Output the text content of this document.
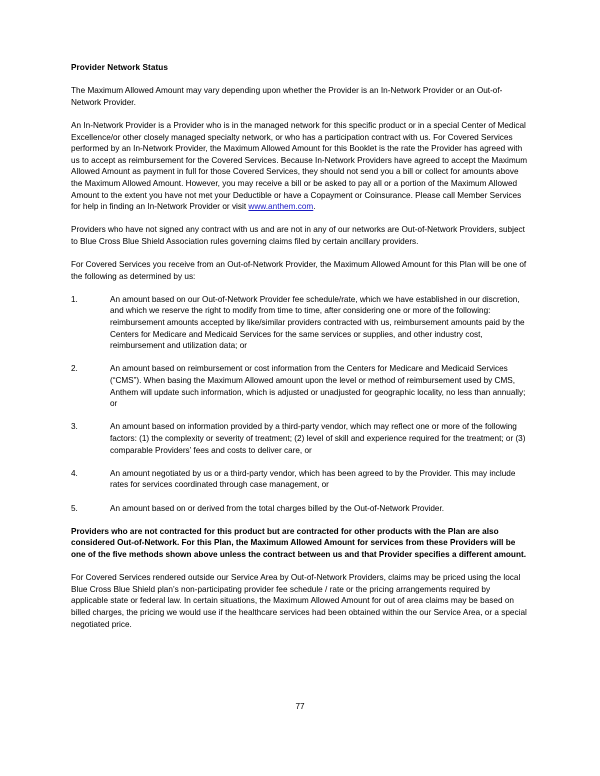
Provider Network Status

The Maximum Allowed Amount may vary depending upon whether the Provider is an In-Network Provider or an Out-of-Network Provider.

An In-Network Provider is a Provider who is in the managed network for this specific product or in a special Center of Medical Excellence/or other closely managed specialty network, or who has a participation contract with us. For Covered Services performed by an In-Network Provider, the Maximum Allowed Amount for this Booklet is the rate the Provider has agreed with us to accept as reimbursement for the Covered Services. Because In-Network Providers have agreed to accept the Maximum Allowed Amount as payment in full for those Covered Services, they should not send you a bill or collect for amounts above the Maximum Allowed Amount. However, you may receive a bill or be asked to pay all or a portion of the Maximum Allowed Amount to the extent you have not met your Deductible or have a Copayment or Coinsurance. Please call Member Services for help in finding an In-Network Provider or visit www.anthem.com.

Providers who have not signed any contract with us and are not in any of our networks are Out-of-Network Providers, subject to Blue Cross Blue Shield Association rules governing claims filed by certain ancillary providers.

For Covered Services you receive from an Out-of-Network Provider, the Maximum Allowed Amount for this Plan will be one of the following as determined by us:

1.	An amount based on our Out-of-Network Provider fee schedule/rate, which we have established in our discretion, and which we reserve the right to modify from time to time, after considering one or more of the following: reimbursement amounts accepted by like/similar providers contracted with us, reimbursement amounts paid by the Centers for Medicare and Medicaid Services for the same services or supplies, and other industry cost, reimbursement and utilization data; or
2.	An amount based on reimbursement or cost information from the Centers for Medicare and Medicaid Services (“CMS”). When basing the Maximum Allowed amount upon the level or method of reimbursement used by CMS, Anthem will update such information, which is adjusted or unadjusted for geographic locality, no less than annually; or
3.	An amount based on information provided by a third-party vendor, which may reflect one or more of the following factors: (1) the complexity or severity of treatment; (2) level of skill and experience required for the treatment; or (3) comparable Providers’ fees and costs to deliver care, or
4.	An amount negotiated by us or a third-party vendor, which has been agreed to by the Provider. This may include rates for services coordinated through case management, or
5.	An amount based on or derived from the total charges billed by the Out-of-Network Provider.

Providers who are not contracted for this product but are contracted for other products with the Plan are also considered Out-of-Network. For this Plan, the Maximum Allowed Amount for services from these Providers will be one of the five methods shown above unless the contract between us and that Provider specifies a different amount.

For Covered Services rendered outside our Service Area by Out-of-Network Providers, claims may be priced using the local Blue Cross Blue Shield plan’s non-participating provider fee schedule / rate or the pricing arrangements required by applicable state or federal law. In certain situations, the Maximum Allowed Amount for out of area claims may be based on billed charges, the pricing we would use if the healthcare services had been obtained within the our Service Area, or a special negotiated price.

77
